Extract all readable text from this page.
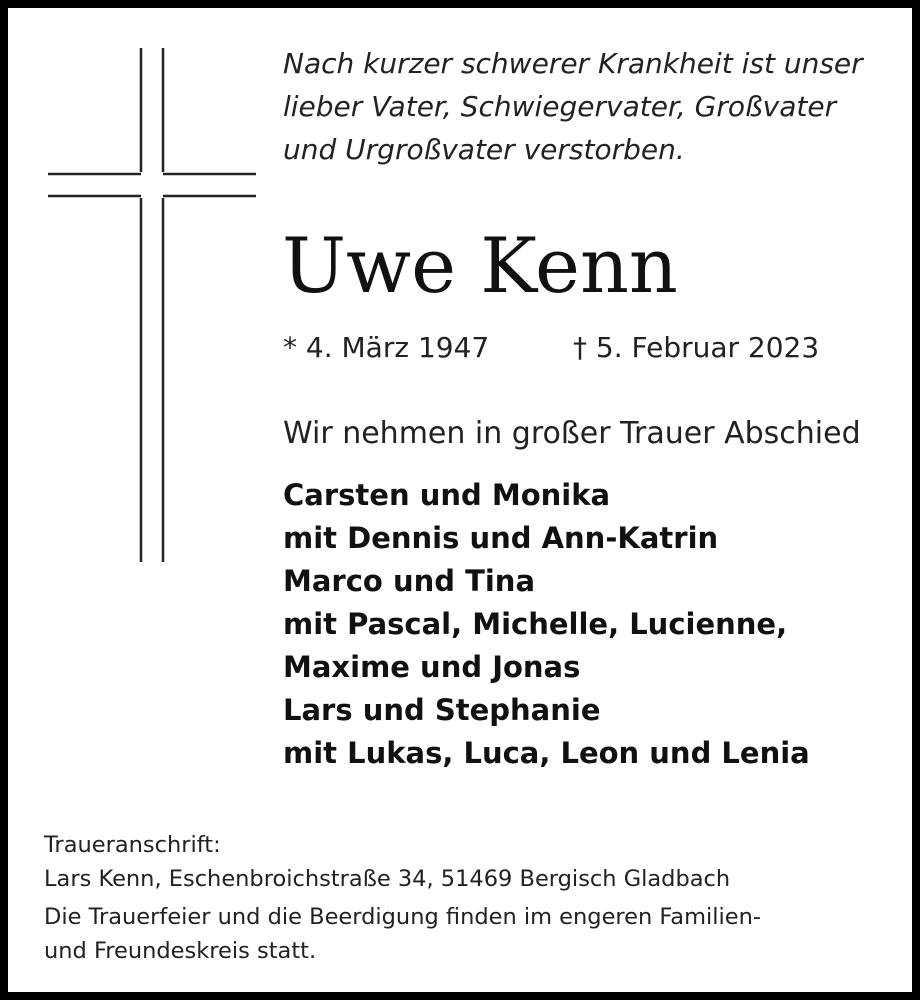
Nach kurzer schwerer Krankheit ist unser
lieber Vater, Schwiegervater, Großvater
und Urgroßvater verstorben.
Uwe Kenn
* 4. März 1947	† 5. Februar 2023
Wir nehmen in großer Trauer Abschied
Carsten und Monika
mit Dennis und Ann-Katrin
Marco und Tina
mit Pascal, Michelle, Lucienne,
Maxime und Jonas
Lars und Stephanie
mit Lukas, Luca, Leon und Lenia
Traueranschrift:
Lars Kenn, Eschenbroichstraße 34, 51469 Bergisch Gladbach
Die Trauerfeier und die Beerdigung finden im engeren Familien-
und Freundeskreis statt.
